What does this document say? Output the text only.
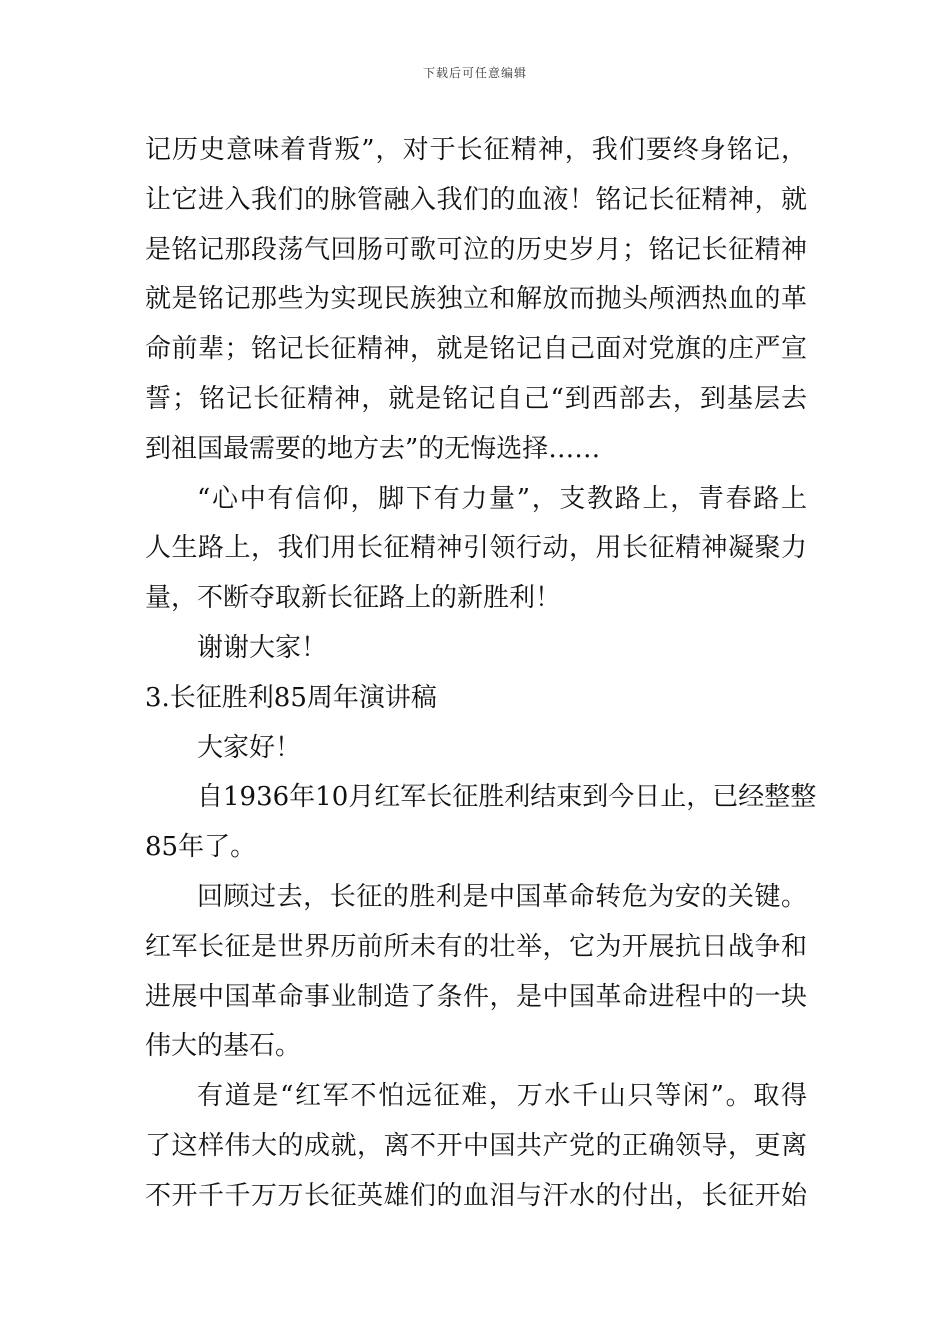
下载后可任意编辑
记历史意味着背叛”，对于长征精神，我们要终身铭记，
让它进入我们的脉管融入我们的血液！铭记长征精神，就
是铭记那段荡气回肠可歌可泣的历史岁月；铭记长征精神
就是铭记那些为实现民族独立和解放而抛头颅洒热血的革
命前辈；铭记长征精神，就是铭记自己面对党旗的庄严宣
誓；铭记长征精神，就是铭记自己“到西部去，到基层去
到祖国最需要的地方去”的无悔选择……
“心中有信仰，脚下有力量”，支教路上，青春路上
人生路上，我们用长征精神引领行动，用长征精神凝聚力
量，不断夺取新长征路上的新胜利！
谢谢大家！
3.长征胜利85周年演讲稿
大家好！
自1936年10月红军长征胜利结束到今日止，已经整整
85年了。
回顾过去，长征的胜利是中国革命转危为安的关键。
红军长征是世界历前所未有的壮举，它为开展抗日战争和
进展中国革命事业制造了条件，是中国革命进程中的一块
伟大的基石。
有道是“红军不怕远征难，万水千山只等闲”。取得
了这样伟大的成就，离不开中国共产党的正确领导，更离
不开千千万万长征英雄们的血泪与汗水的付出，长征开始
